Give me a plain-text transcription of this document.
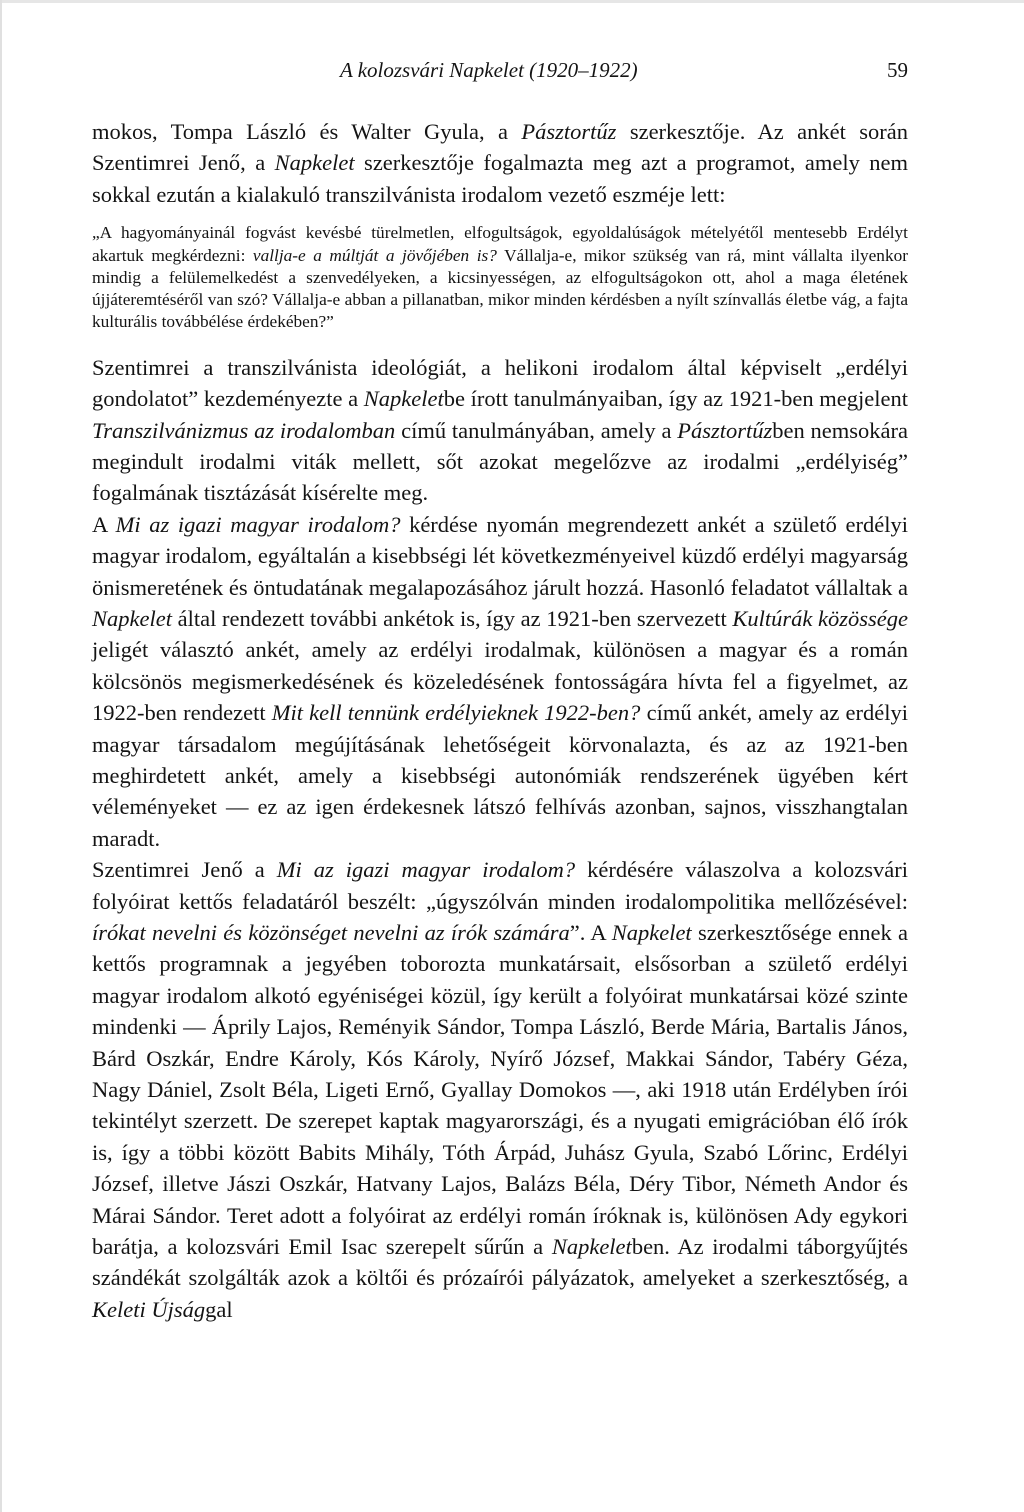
A kolozsvári Napkelet (1920–1922)	59

mokos, Tompa László és Walter Gyula, a Pásztortűz szerkesztője. Az ankét során Szentimrei Jenő, a Napkelet szerkesztője fogalmazta meg azt a programot, amely nem sokkal ezután a kialakuló transzilvánista irodalom vezető eszméje lett:

„A hagyományainál fogvást kevésbé türelmetlen, elfogultságok, egyoldalúságok mételyétől mentesebb Erdélyt akartuk megkérdezni: vallja-e a múltját a jövőjében is? Vállalja-e, mikor szükség van rá, mint vállalta ilyenkor mindig a felülemelkedést a szenvedélyeken, a kicsinyességen, az elfogultságokon ott, ahol a maga életének újjáteremtéséről van szó? Vállalja-e abban a pillanatban, mikor minden kérdésben a nyílt színvallás életbe vág, a fajta kulturális továbbélése érdekében?”

Szentimrei a transzilvánista ideológiát, a helikoni irodalom által képviselt „erdélyi gondolatot” kezdeményezte a Napkeletbe írott tanulmányaiban, így az 1921-ben megjelent Transzilvánizmus az irodalomban című tanulmányában, amely a Pásztortűzben nemsokára megindult irodalmi viták mellett, sőt azokat megelőzve az irodalmi „erdélyiség” fogalmának tisztázását kísérelte meg.

A Mi az igazi magyar irodalom? kérdése nyomán megrendezett ankét a születő erdélyi magyar irodalom, egyáltalán a kisebbségi lét következményeivel küzdő erdélyi magyarság önismeretének és öntudatának megalapozásához járult hozzá. Hasonló feladatot vállaltak a Napkelet által rendezett további ankétok is, így az 1921-ben szervezett Kultúrák közössége jeligét választó ankét, amely az erdélyi irodalmak, különösen a magyar és a román kölcsönös megismerkedésének és közeledésének fontosságára hívta fel a figyelmet, az 1922-ben rendezett Mit kell tennünk erdélyieknek 1922-ben? című ankét, amely az erdélyi magyar társadalom megújításának lehetőségeit körvonalazta, és az az 1921-ben meghirdetett ankét, amely a kisebbségi autonómiák rendszerének ügyében kért véleményeket — ez az igen érdekesnek látszó felhívás azonban, sajnos, visszhangtalan maradt.

Szentimrei Jenő a Mi az igazi magyar irodalom? kérdésére válaszolva a kolozsvári folyóirat kettős feladatáról beszélt: „úgyszólván minden irodalompolitika mellőzésével: írókat nevelni és közönséget nevelni az írók számára”. A Napkelet szerkesztősége ennek a kettős programnak a jegyében toborozta munkatársait, elsősorban a születő erdélyi magyar irodalom alkotó egyéniségei közül, így került a folyóirat munkatársai közé szinte mindenki — Áprily Lajos, Reményik Sándor, Tompa László, Berde Mária, Bartalis János, Bárd Oszkár, Endre Károly, Kós Károly, Nyírő József, Makkai Sándor, Tabéry Géza, Nagy Dániel, Zsolt Béla, Ligeti Ernő, Gyallay Domokos —, aki 1918 után Erdélyben írói tekintélyt szerzett. De szerepet kaptak magyarországi, és a nyugati emigrációban élő írók is, így a többi között Babits Mihály, Tóth Árpád, Juhász Gyula, Szabó Lőrinc, Erdélyi József, illetve Jászi Oszkár, Hatvany Lajos, Balázs Béla, Déry Tibor, Németh Andor és Márai Sándor. Teret adott a folyóirat az erdélyi román íróknak is, különösen Ady egykori barátja, a kolozsvári Emil Isac szerepelt sűrűn a Napkeletben. Az irodalmi táborgyűjtés szándékát szolgálták azok a költői és prózaírói pályázatok, amelyeket a szerkesztőség, a Keleti Újsággal
